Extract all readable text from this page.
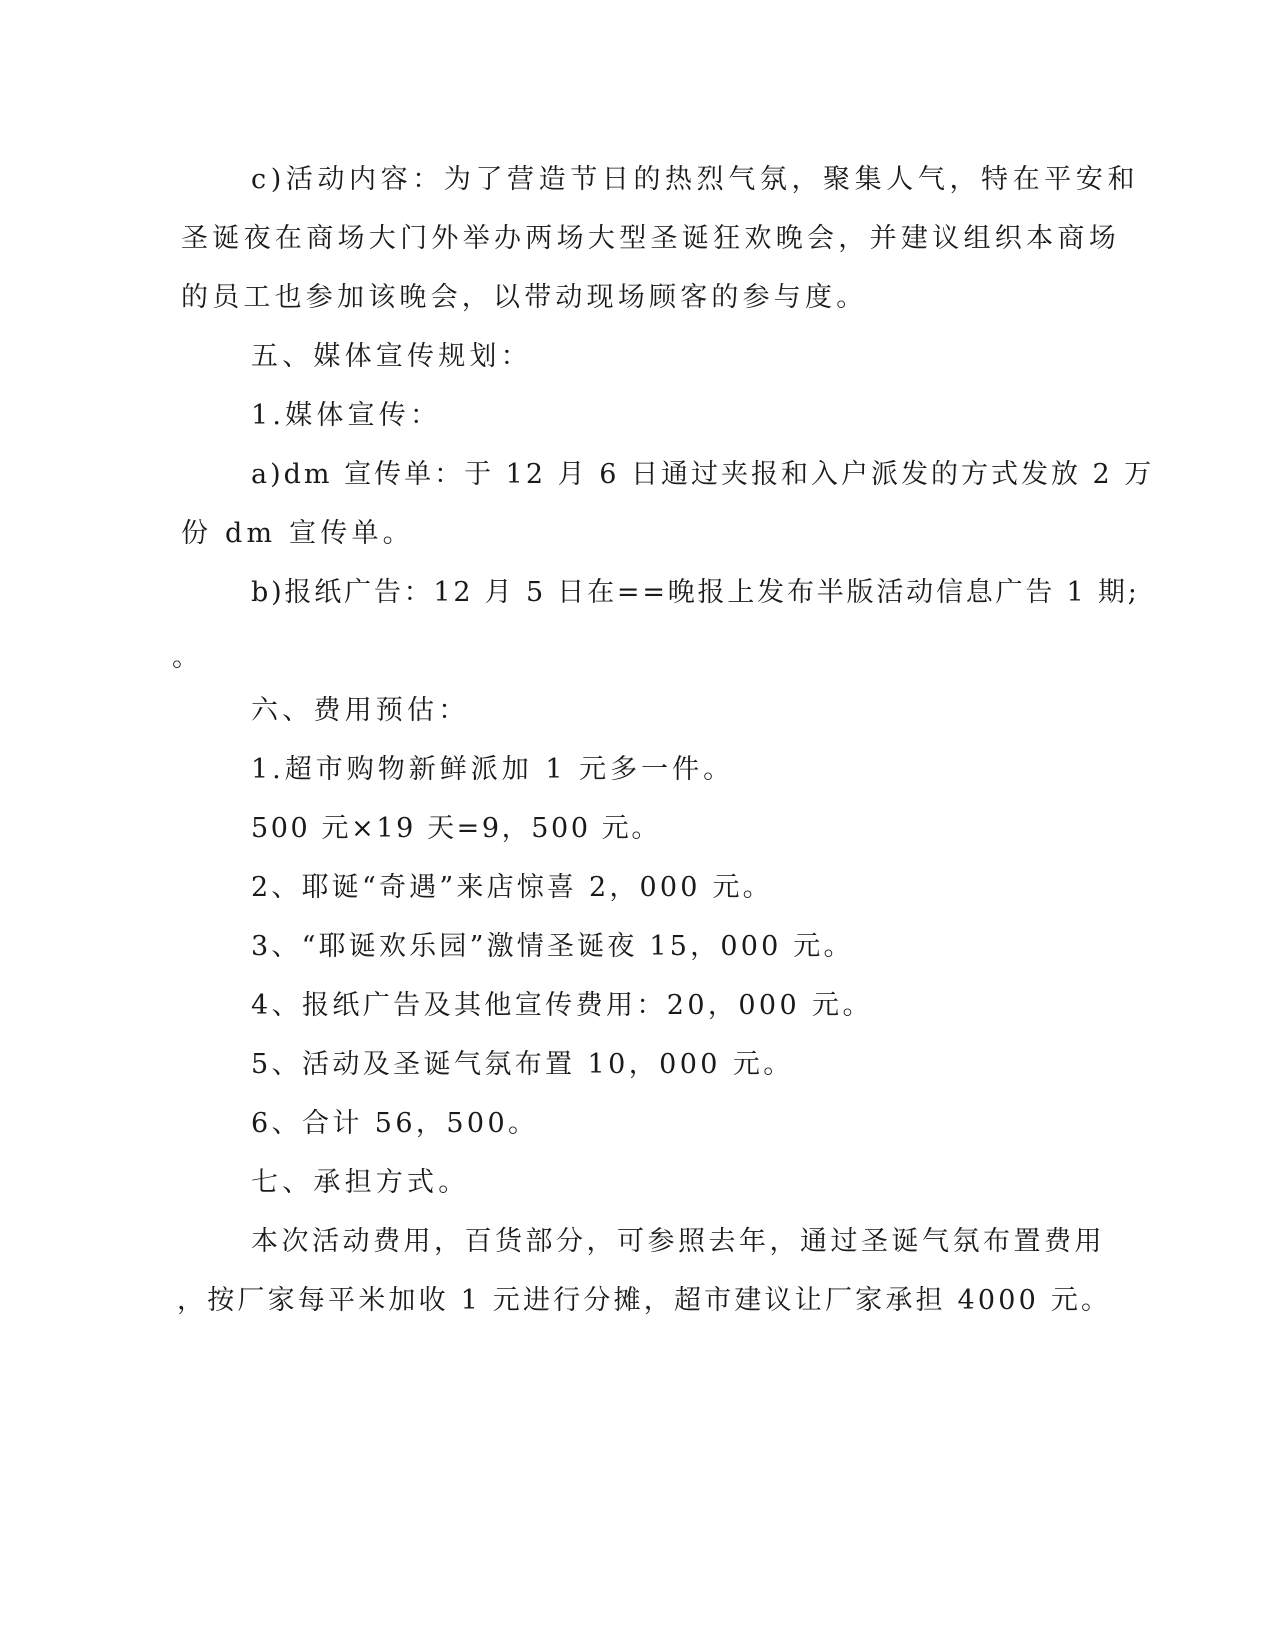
c)活动内容：为了营造节日的热烈气氛，聚集人气，特在平安和
圣诞夜在商场大门外举办两场大型圣诞狂欢晚会，并建议组织本商场
的员工也参加该晚会，以带动现场顾客的参与度。
五、媒体宣传规划：
1.媒体宣传：
a)dm 宣传单：于 12 月 6 日通过夹报和入户派发的方式发放 2 万
份 dm 宣传单。
b)报纸广告：12 月 5 日在==晚报上发布半版活动信息广告 1 期;
。
六、费用预估：
1.超市购物新鲜派加 1 元多一件。
500 元×19 天=9，500 元。
2、耶诞“奇遇”来店惊喜 2，000 元。
3、“耶诞欢乐园”激情圣诞夜 15，000 元。
4、报纸广告及其他宣传费用：20，000 元。
5、活动及圣诞气氛布置 10，000 元。
6、合计 56，500。
七、承担方式。
本次活动费用，百货部分，可参照去年，通过圣诞气氛布置费用
，按厂家每平米加收 1 元进行分摊，超市建议让厂家承担 4000 元。
